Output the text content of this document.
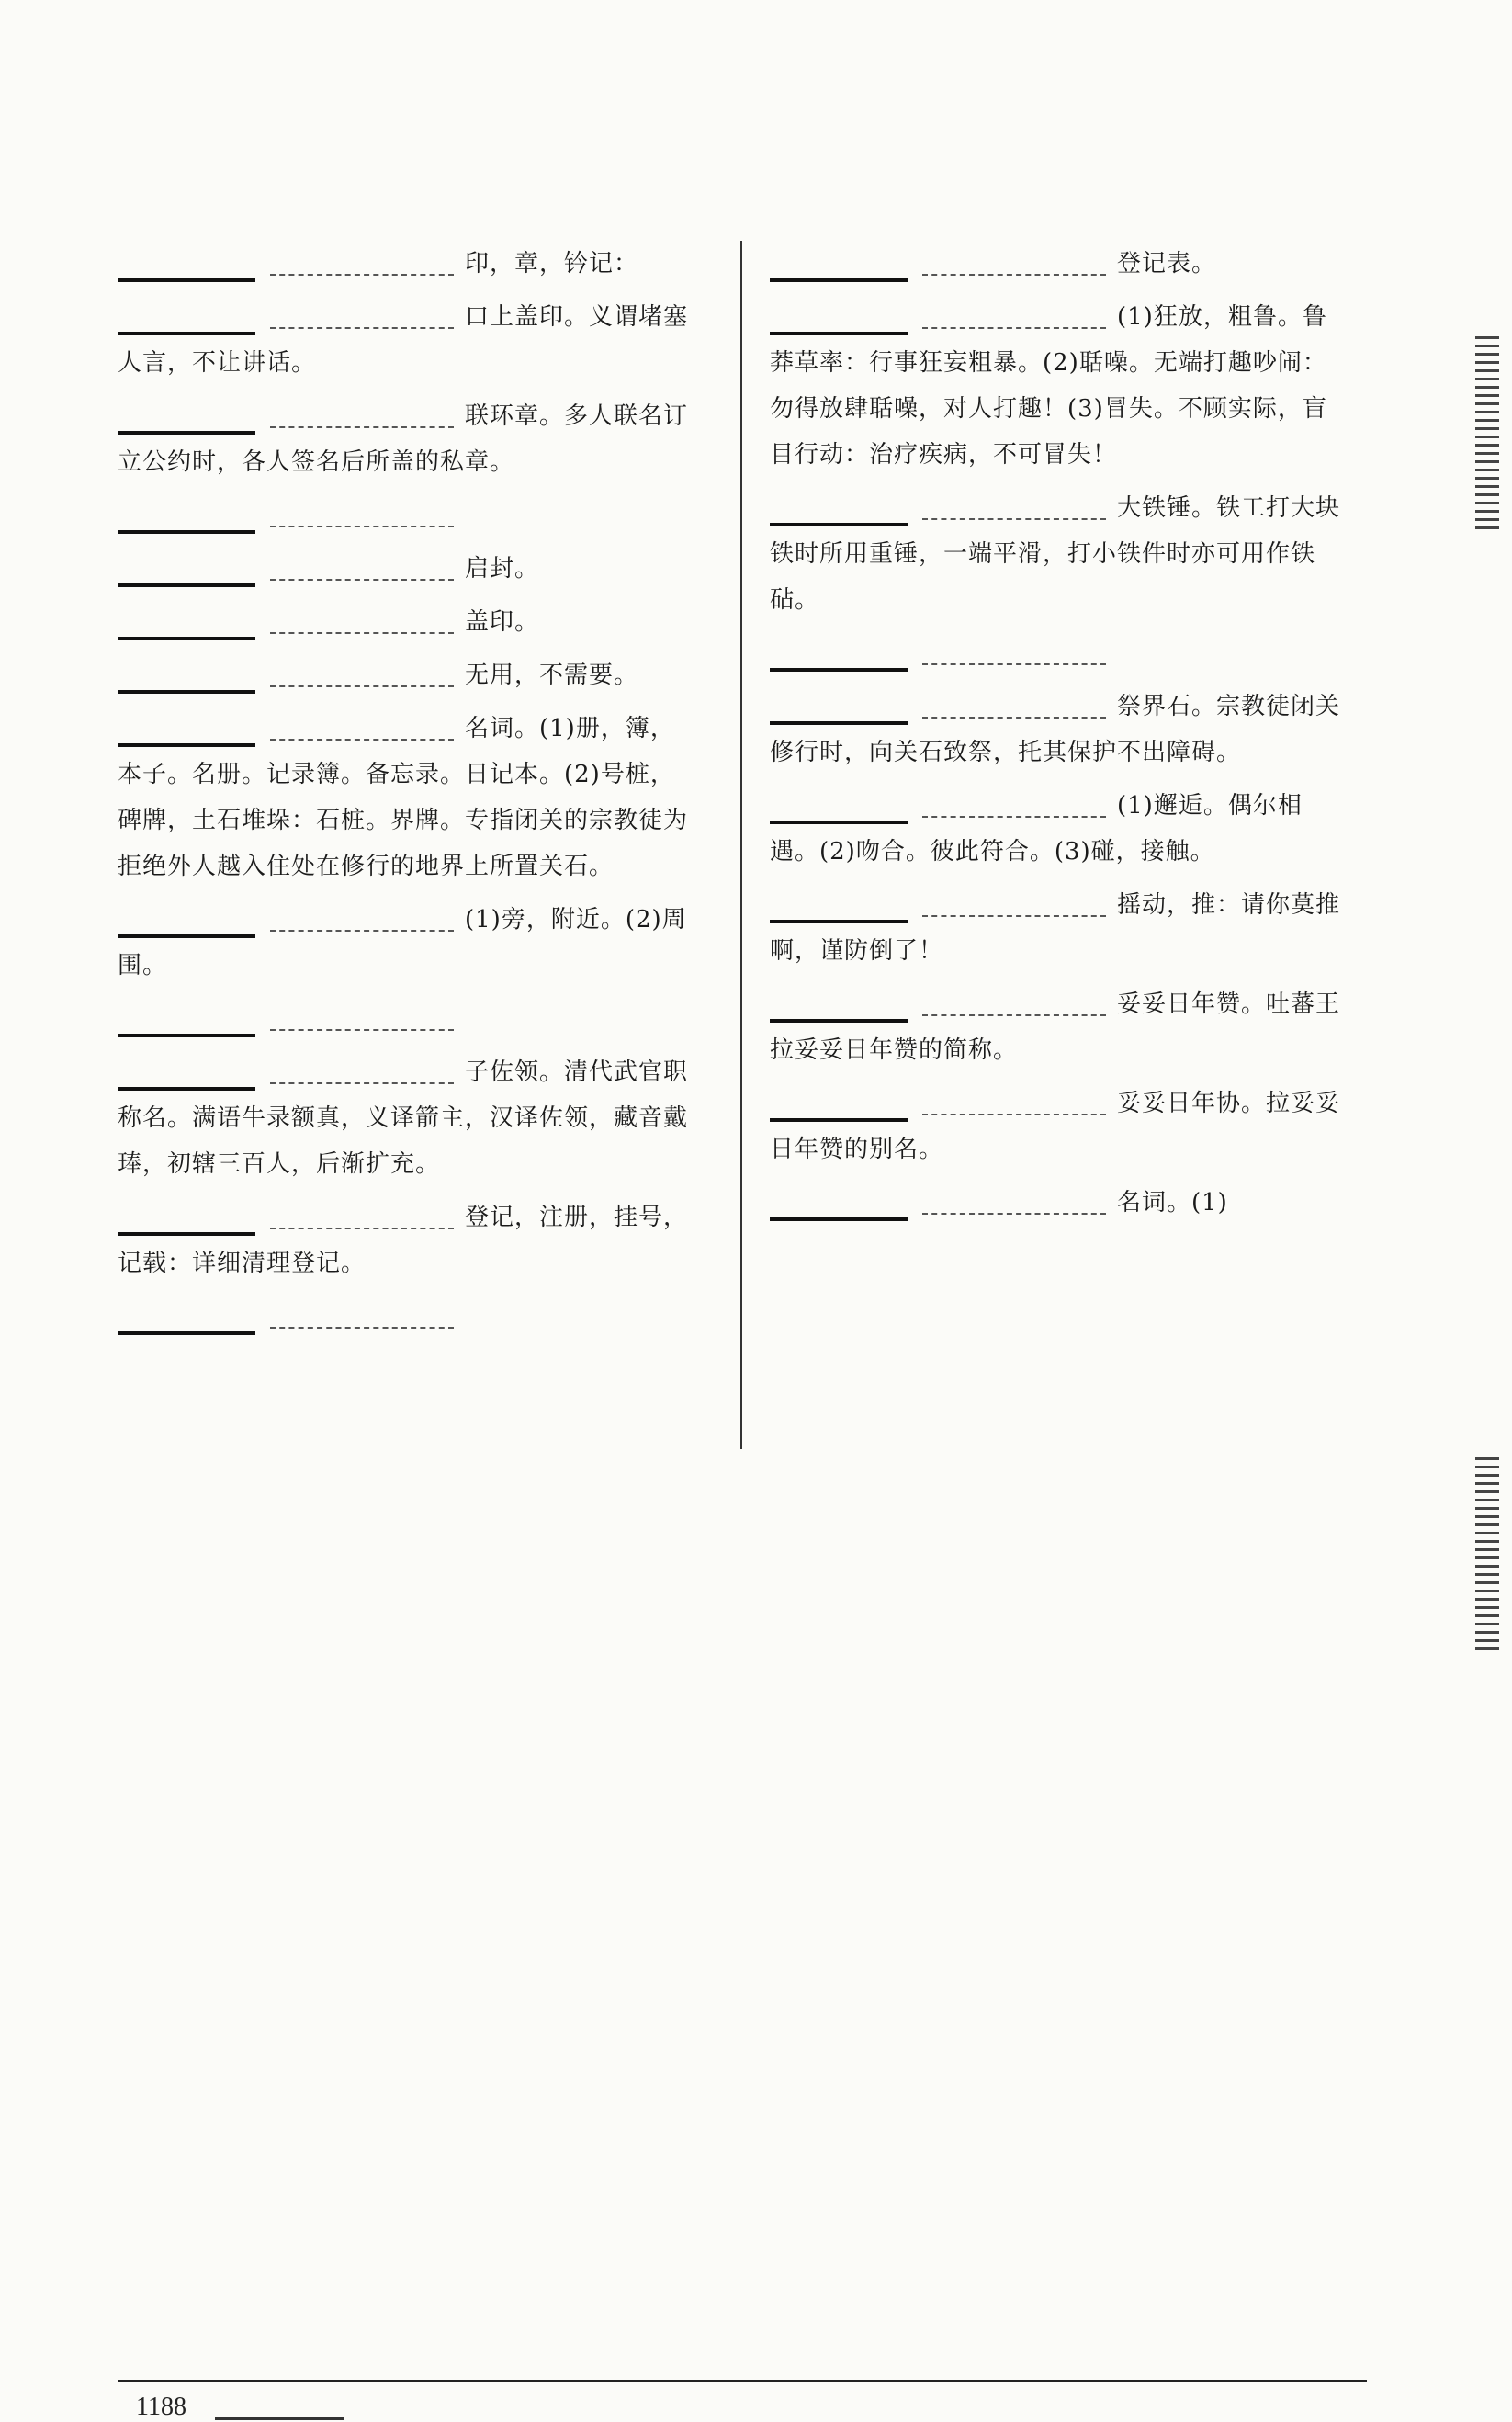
印，章，钤记：
口上盖印。义谓堵塞人言，不让讲话。
联环章。多人联名订立公约时，各人签名后所盖的私章。
启封。
盖印。
无用，不需要。
名词。(1)册，簿，本子。名册。记录簿。备忘录。日记本。(2)号桩，碑牌，土石堆垛：石桩。界牌。专指闭关的宗教徒为拒绝外人越入住处在修行的地界上所置关石。
(1)旁，附近。(2)周围。
子佐领。清代武官职称名。满语牛录额真，义译箭主，汉译佐领，藏音戴琫，初辖三百人，后渐扩充。
登记，注册，挂号，记载：详细清理登记。
登记表。
(1)狂放，粗鲁。鲁莽草率：行事狂妄粗暴。(2)聒噪。无端打趣吵闹：勿得放肆聒噪，对人打趣！(3)冒失。不顾实际，盲目行动：治疗疾病，不可冒失！
大铁锤。铁工打大块铁时所用重锤，一端平滑，打小铁件时亦可用作铁砧。
祭界石。宗教徒闭关修行时，向关石致祭，托其保护不出障碍。
(1)邂逅。偶尔相遇。(2)吻合。彼此符合。(3)碰，接触。
摇动，推：请你莫推啊，谨防倒了！
妥妥日年赞。吐蕃王拉妥妥日年赞的简称。
妥妥日年协。拉妥妥日年赞的别名。
名词。(1)
1188
